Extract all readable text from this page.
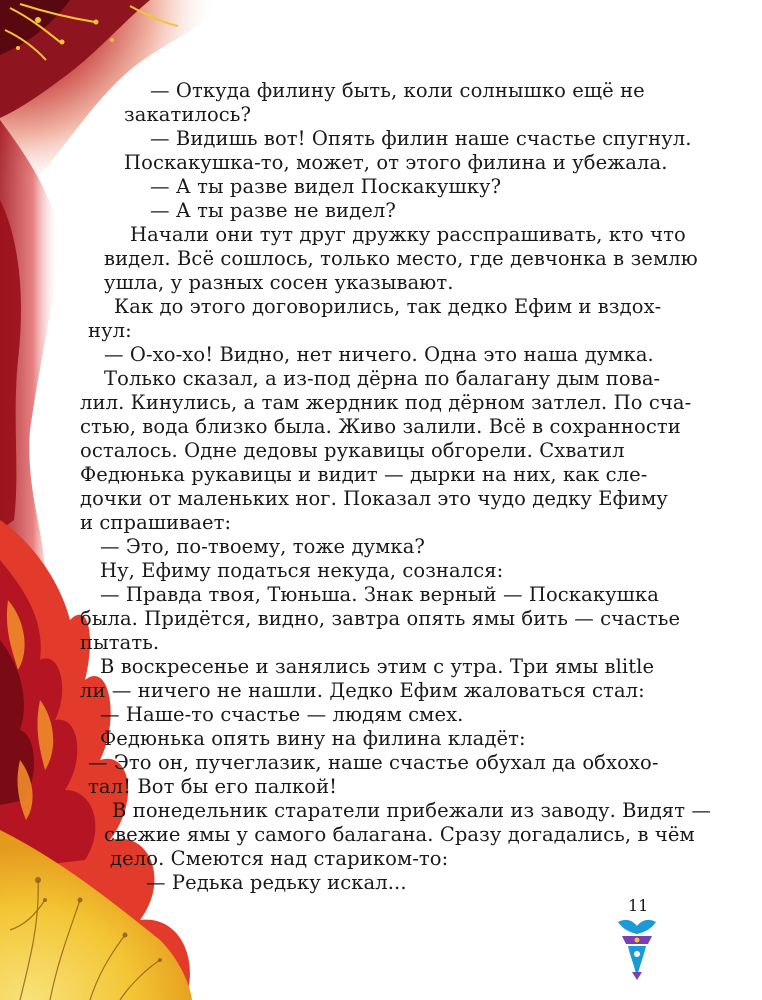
— Откуда филину быть, коли солнышко ещё не
закатилось?
— Видишь вот! Опять филин наше счастье спугнул.
Поскакушка-то, может, от этого филина и убежала.
— А ты разве видел Поскакушку?
— А ты разве не видел?
Начали они тут друг дружку расспрашивать, кто что
видел. Всё сошлось, только место, где девчонка в землю
ушла, у разных сосен указывают.
Как до этого договорились, так дедко Ефим и вздох-
нул:
— О-хо-хо! Видно, нет ничего. Одна это наша думка.
Только сказал, а из-под дёрна по балагану дым пова-
лил. Кинулись, а там жердник под дёрном затлел. По сча-
стью, вода близко была. Живо залили. Всё в сохранности
осталось. Одне дедовы рукавицы обгорели. Схватил
Федюнька рукавицы и видит — дырки на них, как сле-
дочки от маленьких ног. Показал это чудо дедку Ефиму
и спрашивает:
— Это, по-твоему, тоже думка?
Ну, Ефиму податься некуда, сознался:
— Правда твоя, Тюньша. Знак верный — Поскакушка
была. Придётся, видно, завтра опять ямы бить — счастье
пытать.
В воскресенье и занялись этим с утра. Три ямы вlitle
ли — ничего не нашли. Дедко Ефим жаловаться стал:
— Наше-то счастье — людям смех.
Федюнька опять вину на филина кладёт:
— Это он, пучеглазик, наше счастье обухал да обхохо-
тал! Вот бы его палкой!
В понедельник старатели прибежали из заводу. Видят —
свежие ямы у самого балагана. Сразу догадались, в чём
дело. Смеются над стариком-то:
— Редька редьку искал...
11
